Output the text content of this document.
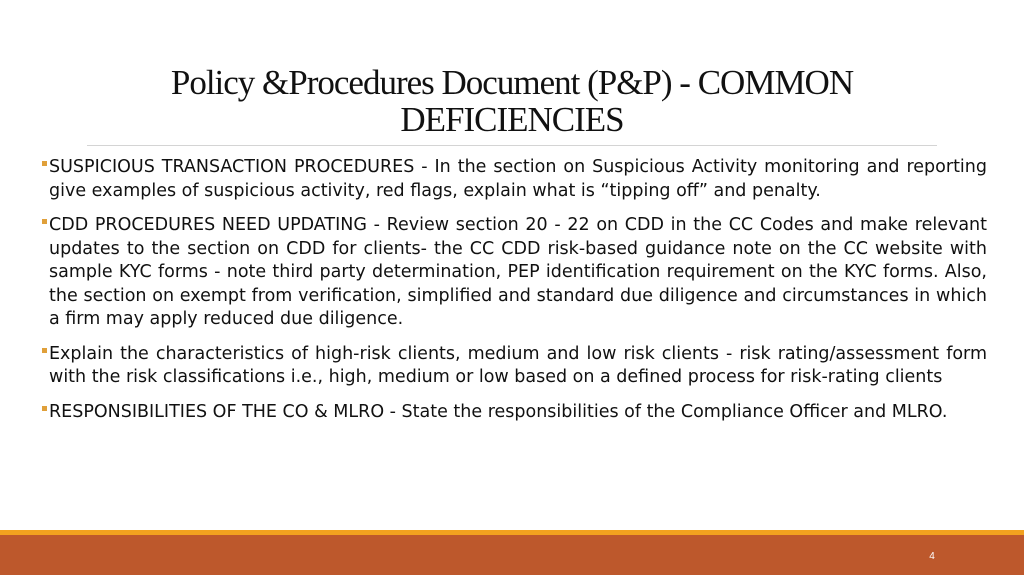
Policy &Procedures Document (P&P) - COMMON
DEFICIENCIES
SUSPICIOUS TRANSACTION PROCEDURES - In the section on Suspicious Activity monitoring and reporting give examples of suspicious activity, red flags, explain what is “tipping off” and penalty.
CDD PROCEDURES NEED UPDATING - Review section 20 - 22 on CDD in the CC Codes and make relevant updates to the section on CDD for clients- the CC CDD risk-based guidance note on the CC website with sample KYC forms - note third party determination, PEP identification requirement on the KYC forms. Also, the section on exempt from verification, simplified and standard due diligence and circumstances in which a firm may apply reduced due diligence.
Explain the characteristics of high-risk clients, medium and low risk clients - risk rating/assessment form with the risk classifications i.e., high, medium or low based on a defined process for risk-rating clients
RESPONSIBILITIES OF THE CO & MLRO - State the responsibilities of the Compliance Officer and MLRO.
4
